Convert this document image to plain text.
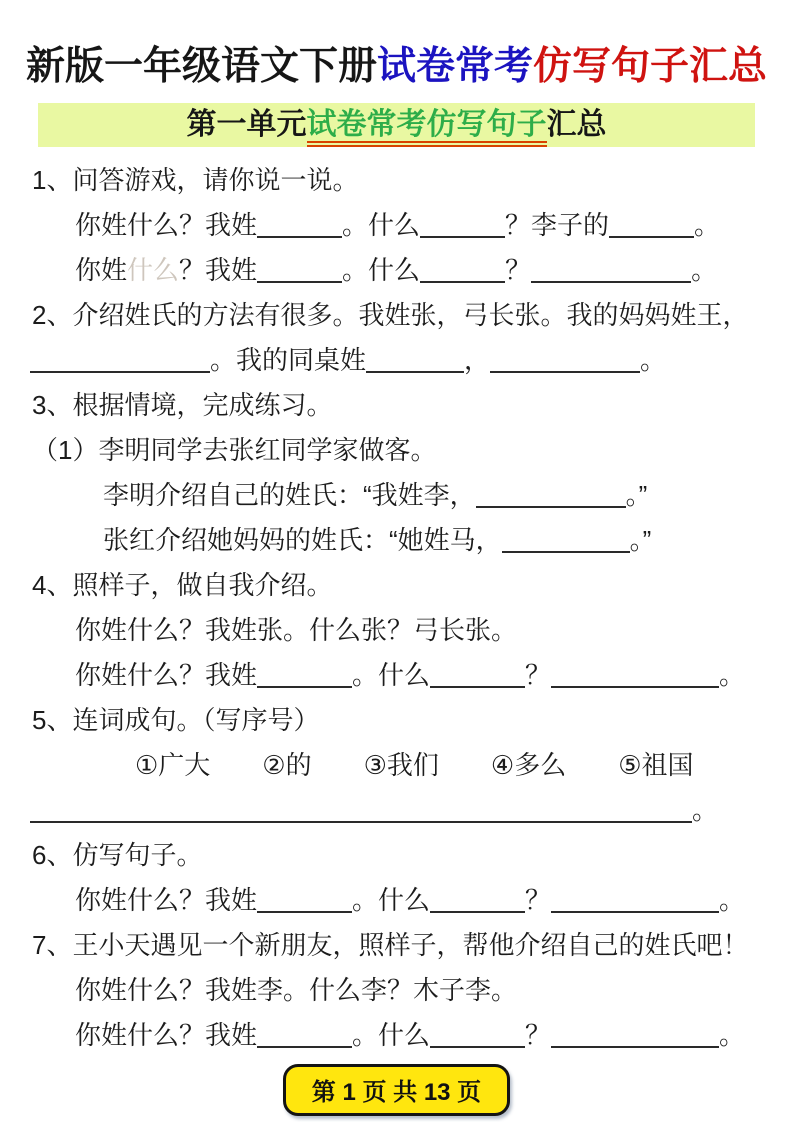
新版一年级语文下册试卷常考仿写句子汇总
第一单元试卷常考仿写句子汇总
1、问答游戏，请你说一说。
你姓什么？我姓	。什么	？李子的	。
你姓什么？我姓	。什么	？	。
2、介绍姓氏的方法有很多。我姓张，弓长张。我的妈妈姓王，
。我的同桌姓	，	。
3、根据情境，完成练习。
（1）李明同学去张红同学家做客。
李明介绍自己的姓氏：“我姓李，	。”
张红介绍她妈妈的姓氏：“她姓马，	。”
4、照样子，做自我介绍。
你姓什么？我姓张。什么张？弓长张。
你姓什么？我姓	。什么	？	。
5、连词成句。（写序号）
①广大　　②的　　③我们　　④多么　　⑤祖国
。
6、仿写句子。
你姓什么？我姓	。什么	？	。
7、王小天遇见一个新朋友，照样子，帮他介绍自己的姓氏吧！
你姓什么？我姓李。什么李？木子李。
你姓什么？我姓	。什么	？	。
第 1 页 共 13 页
